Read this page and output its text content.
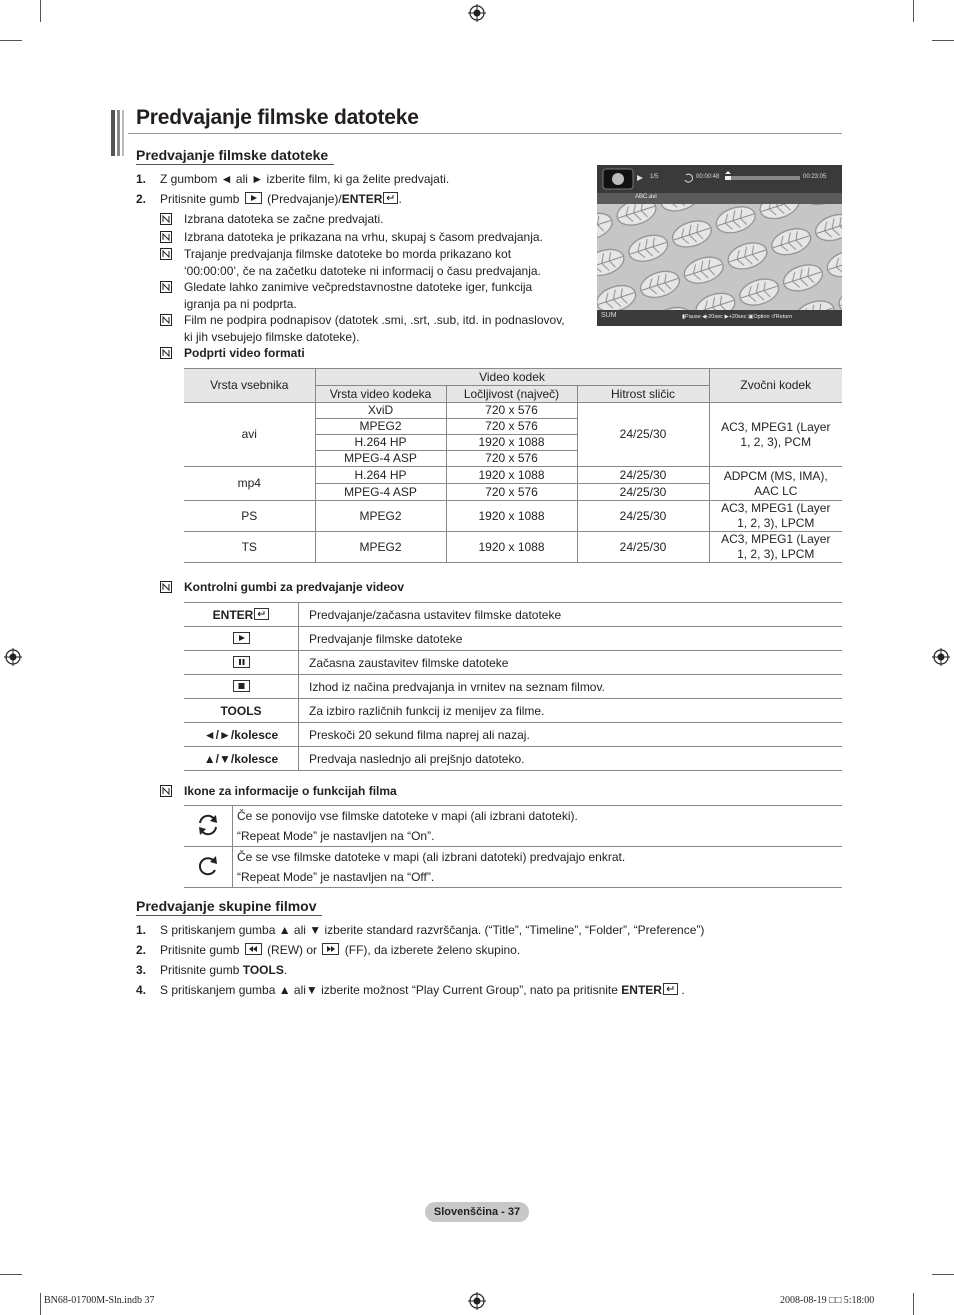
Predvajanje filmske datoteke
Predvajanje filmske datoteke
1. Z gumbom ◄ ali ► izberite film, ki ga želite predvajati.
2. Pritisnite gumb (Predvajanje)/ENTER .
Izbrana datoteka se začne predvajati.
Izbrana datoteka je prikazana na vrhu, skupaj s časom predvajanja.
Trajanje predvajanja filmske datoteke bo morda prikazano kot
‘00:00:00’, če na začetku datoteke ni informacij o času predvajanja.
Gledate lahko zanimive večpredstavnostne datoteke iger, funkcija
igranja pa ni podprta.
Film ne podpira podnapisov (datotek .smi, .srt, .sub, itd. in podnaslovov,
ki jih vsebujejo filmske datoteke).
Podprti video formati
1/5	00:00:48	00:23:05
ABC.avi
SUM	▮Pause ◀-20sec ▶+20sec ▣Option ↺Return
Vrsta vsebnika	Video kodek			Zvočni kodek
	Vrsta video kodeka	Ločljivost (največ)	Hitrost sličic	
avi	XviD	720 x 576	24/25/30	AC3, MPEG1 (Layer
1, 2, 3), PCM
	MPEG2	720 x 576		
	H.264 HP	1920 x 1088		
	MPEG-4 ASP	720 x 576		
mp4	H.264 HP	1920 x 1088	24/25/30	ADPCM (MS, IMA),
AAC LC
	MPEG-4 ASP	720 x 576	24/25/30	
PS	MPEG2	1920 x 1088	24/25/30	AC3, MPEG1 (Layer
1, 2, 3), LPCM
TS	MPEG2	1920 x 1088	24/25/30	AC3, MPEG1 (Layer
1, 2, 3), LPCM
Kontrolni gumbi za predvajanje videov
ENTER	Predvajanje/začasna ustavitev filmske datoteke

	Predvajanje filmske datoteke

	Začasna zaustavitev filmske datoteke

	Izhod iz načina predvajanja in vrnitev na seznam filmov.
TOOLS	Za izbiro različnih funkcij iz menijev za filme.
◄/►/kolesce	Preskoči 20 sekund filma naprej ali nazaj.
▲/▼/kolesce	Predvaja naslednjo ali prejšnjo datoteko.
Ikone za informacije o funkcijah filma
	Če se ponovijo vse filmske datoteke v mapi (ali izbrani datoteki).
“Repeat Mode” je nastavljen na “On”.
	Če se vse filmske datoteke v mapi (ali izbrani datoteki) predvajajo enkrat.
“Repeat Mode” je nastavljen na “Off”.
Predvajanje skupine filmov
1. S pritiskanjem gumba ▲ ali ▼ izberite standard razvrščanja. (“Title”, “Timeline”, “Folder”, “Preference”)
2. Pritisnite gumb (REW) or (FF), da izberete želeno skupino.
3. Pritisnite gumb TOOLS.
4. S pritiskanjem gumba ▲ ali▼ izberite možnost “Play Current Group”, nato pa pritisnite ENTER .
Slovenščina - 37
BN68-01700M-Sln.indb 37	2008-08-19 □□ 5:18:00
